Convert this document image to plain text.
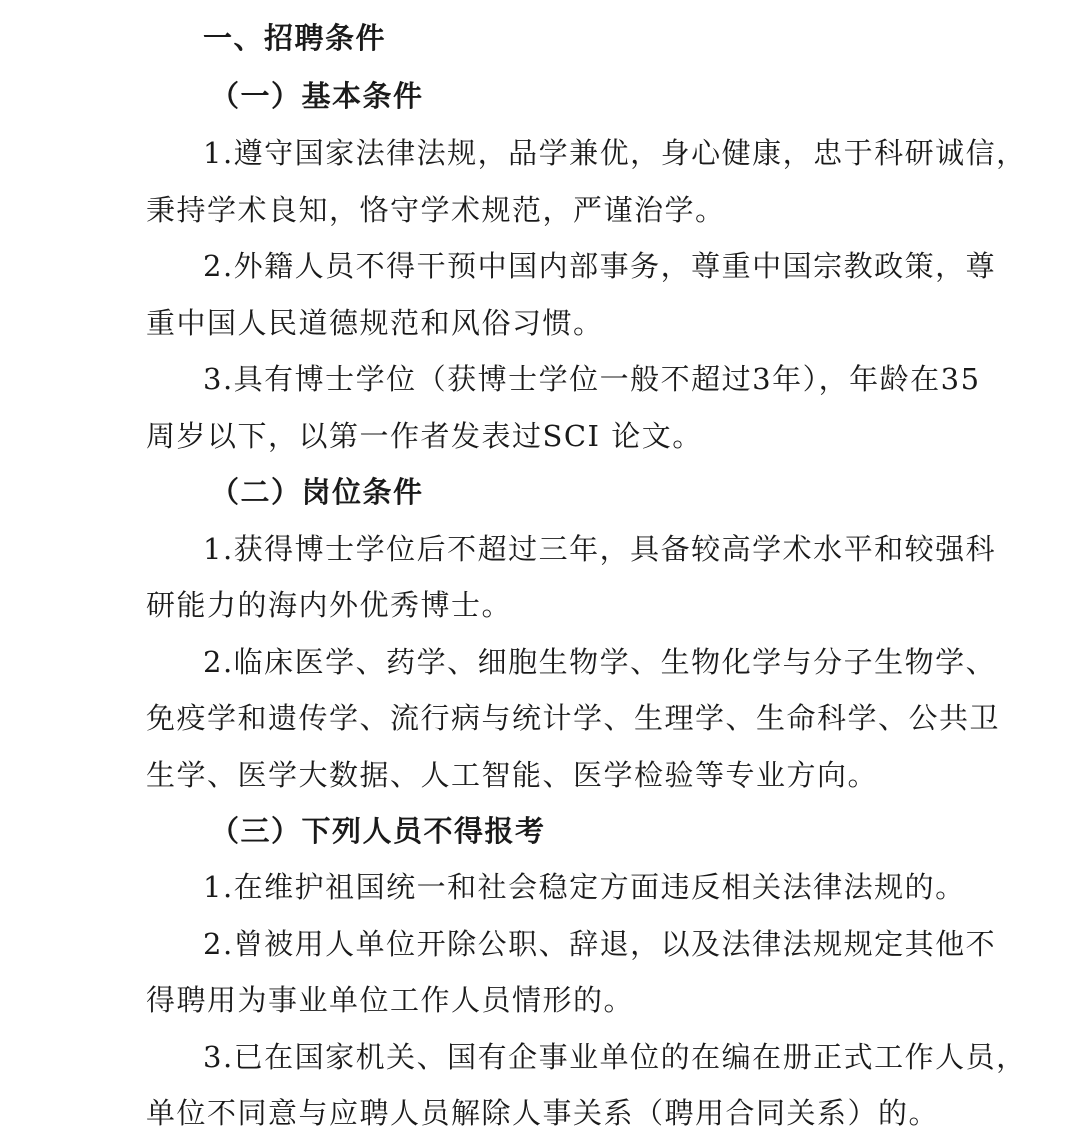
一、招聘条件
（一）基本条件
1.遵守国家法律法规，品学兼优，身心健康，忠于科研诚信，
秉持学术良知，恪守学术规范，严谨治学。
2.外籍人员不得干预中国内部事务，尊重中国宗教政策，尊
重中国人民道德规范和风俗习惯。
3.具有博士学位（获博士学位一般不超过3年），年龄在35
周岁以下，以第一作者发表过SCI 论文。
（二）岗位条件
1.获得博士学位后不超过三年，具备较高学术水平和较强科
研能力的海内外优秀博士。
2.临床医学、药学、细胞生物学、生物化学与分子生物学、
免疫学和遗传学、流行病与统计学、生理学、生命科学、公共卫
生学、医学大数据、人工智能、医学检验等专业方向。
（三）下列人员不得报考
1.在维护祖国统一和社会稳定方面违反相关法律法规的。
2.曾被用人单位开除公职、辞退，以及法律法规规定其他不
得聘用为事业单位工作人员情形的。
3.已在国家机关、国有企事业单位的在编在册正式工作人员，
单位不同意与应聘人员解除人事关系（聘用合同关系）的。
